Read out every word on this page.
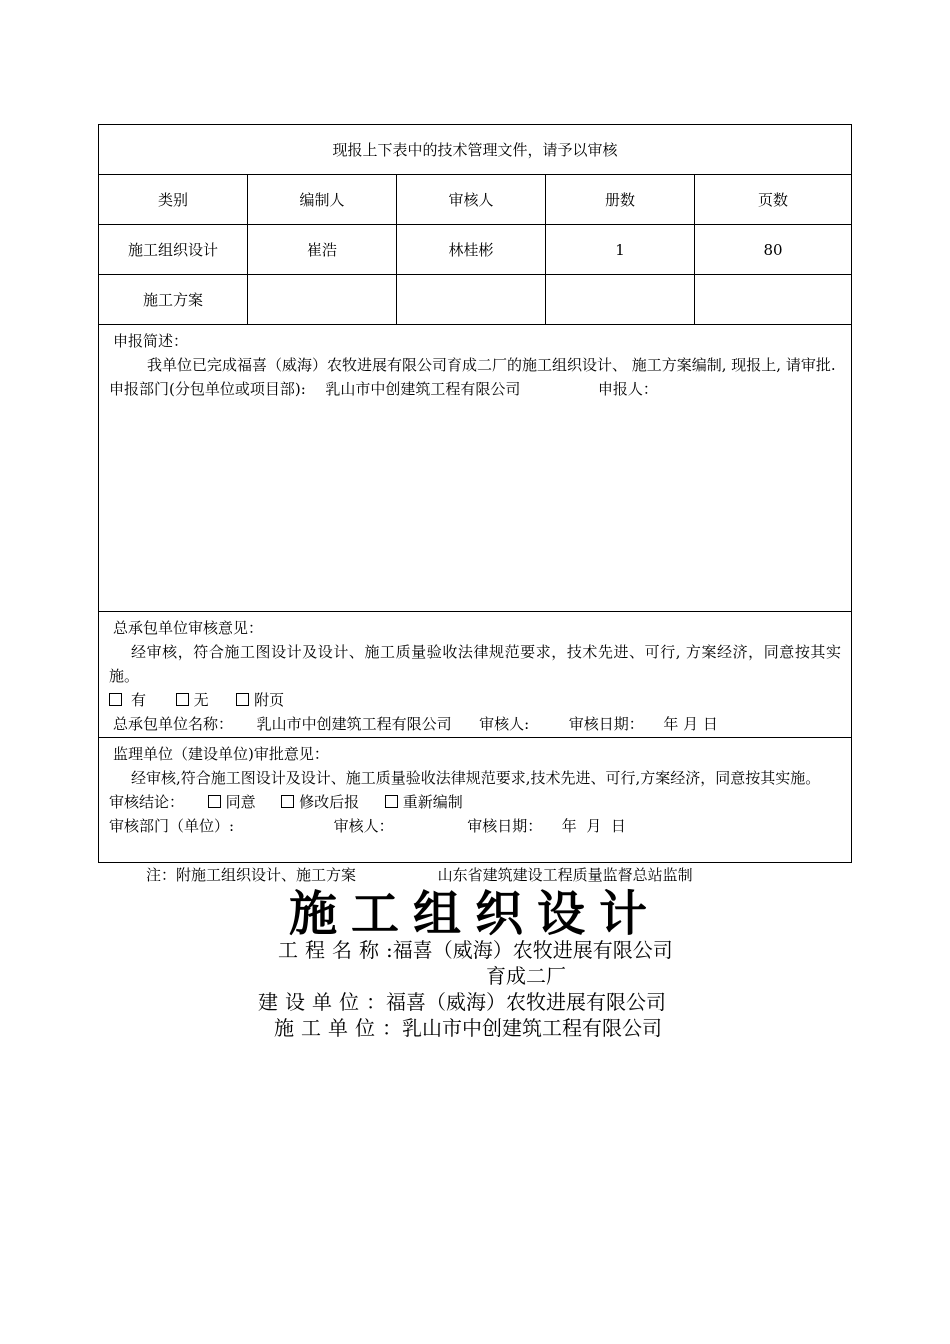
现报上下表中的技术管理文件，请予以审核
类别	编制人	审核人	册数	页数
施工组织设计	崔浩	林桂彬	1	80
施工方案

申报简述：

我单位已完成福喜（威海）农牧进展有限公司育成二厂的施工组织设计、 施工方案编制, 现报上, 请审批.

申报部门(分包单位或项目部): 乳山市中创建筑工程有限公司	申报人：

总承包单位审核意见：

经审核，符合施工图设计及设计、施工质量验收法律规范要求，技术先进、可行, 方案经济，同意按其实施。

有	无	附页

总承包单位名称： 乳山市中创建筑工程有限公司 审核人:	审核日期： 年 月 日

监理单位（建设单位)审批意见：

经审核,符合施工图设计及设计、施工质量验收法律规范要求,技术先进、可行,方案经济，同意按其实施。

审核结论：	同意	修改后报	重新编制

审核部门（单位）:	审核人：	审核日期： 年  月  日

注：附施工组织设计、施工方案	山东省建筑建设工程质量监督总站监制
施工组织设计
工程名称:福喜（威海）农牧进展有限公司
育成二厂
建设单位：福喜（威海）农牧进展有限公司
施工单位：乳山市中创建筑工程有限公司
